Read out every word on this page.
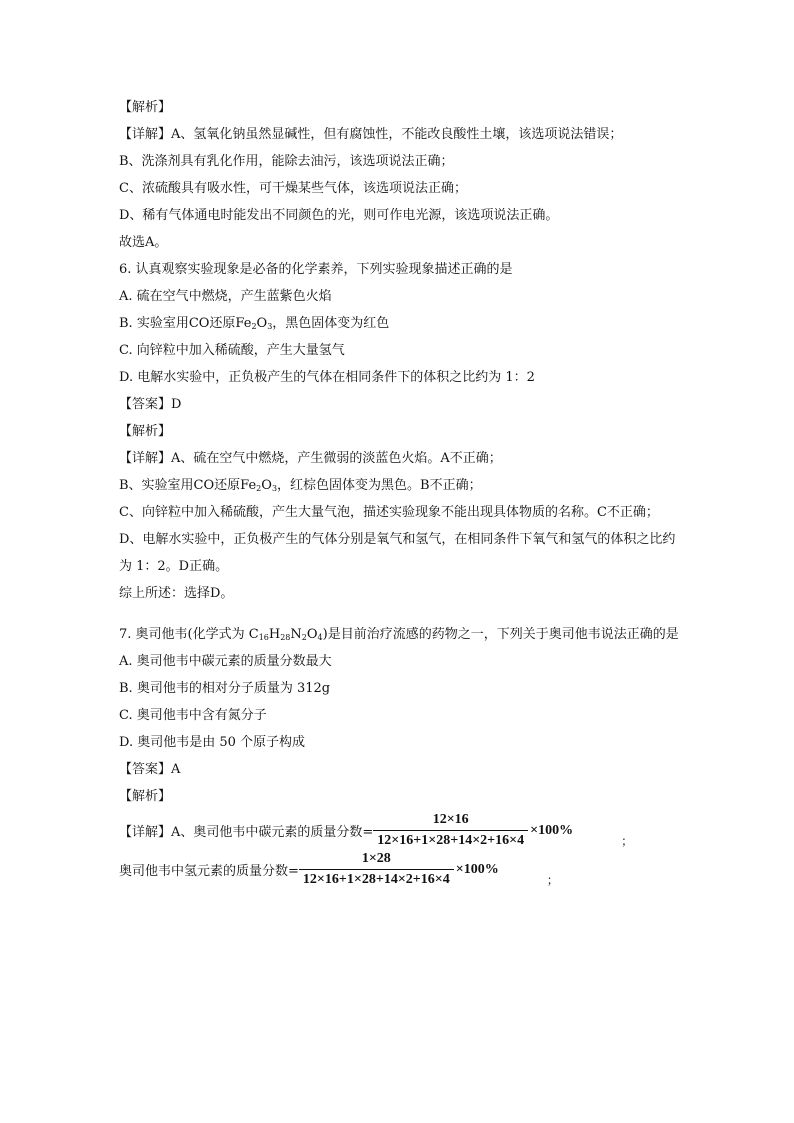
【解析】
【详解】A、氢氧化钠虽然显碱性，但有腐蚀性，不能改良酸性土壤，该选项说法错误；
B、洗涤剂具有乳化作用，能除去油污，该选项说法正确；
C、浓硫酸具有吸水性，可干燥某些气体，该选项说法正确；
D、稀有气体通电时能发出不同颜色的光，则可作电光源，该选项说法正确。
故选A。
6. 认真观察实验现象是必备的化学素养，下列实验现象描述正确的是
A. 硫在空气中燃烧，产生蓝紫色火焰
B. 实验室用CO还原$Fe_2O_3$，黑色固体变为红色
C. 向锌粒中加入稀硫酸，产生大量氢气
D. 电解水实验中，正负极产生的气体在相同条件下的体积之比约为 1：2
【答案】D
【解析】
【详解】A、硫在空气中燃烧，产生微弱的淡蓝色火焰。A不正确；
B、实验室用CO还原$Fe_2O_3$，红棕色固体变为黑色。B不正确；
C、向锌粒中加入稀硫酸，产生大量气泡，描述实验现象不能出现具体物质的名称。C不正确；
D、电解水实验中，正负极产生的气体分别是氧气和氢气，在相同条件下氧气和氢气的体积之比约为 1：2。D正确。
综上所述：选择D。
7. 奥司他韦(化学式为 $C_{16}H_{28}N_2O_4$)是目前治疗流感的药物之一，下列关于奥司他韦说法正确的是
A. 奥司他韦中碳元素的质量分数最大
B. 奥司他韦的相对分子质量为 312g
C. 奥司他韦中含有氮分子
D. 奥司他韦是由 50 个原子构成
【答案】A
【解析】
【详解】A、奥司他韦中碳元素的质量分数= $\frac{12\times 16}{12\times 16+1\times 28+14\times 2+16\times 4} \times 100\%$；
奥司他韦中氢元素的质量分数= $\frac{1\times 28}{12\times 16+1\times 28+14\times 2+16\times 4} \times 100\%$；
